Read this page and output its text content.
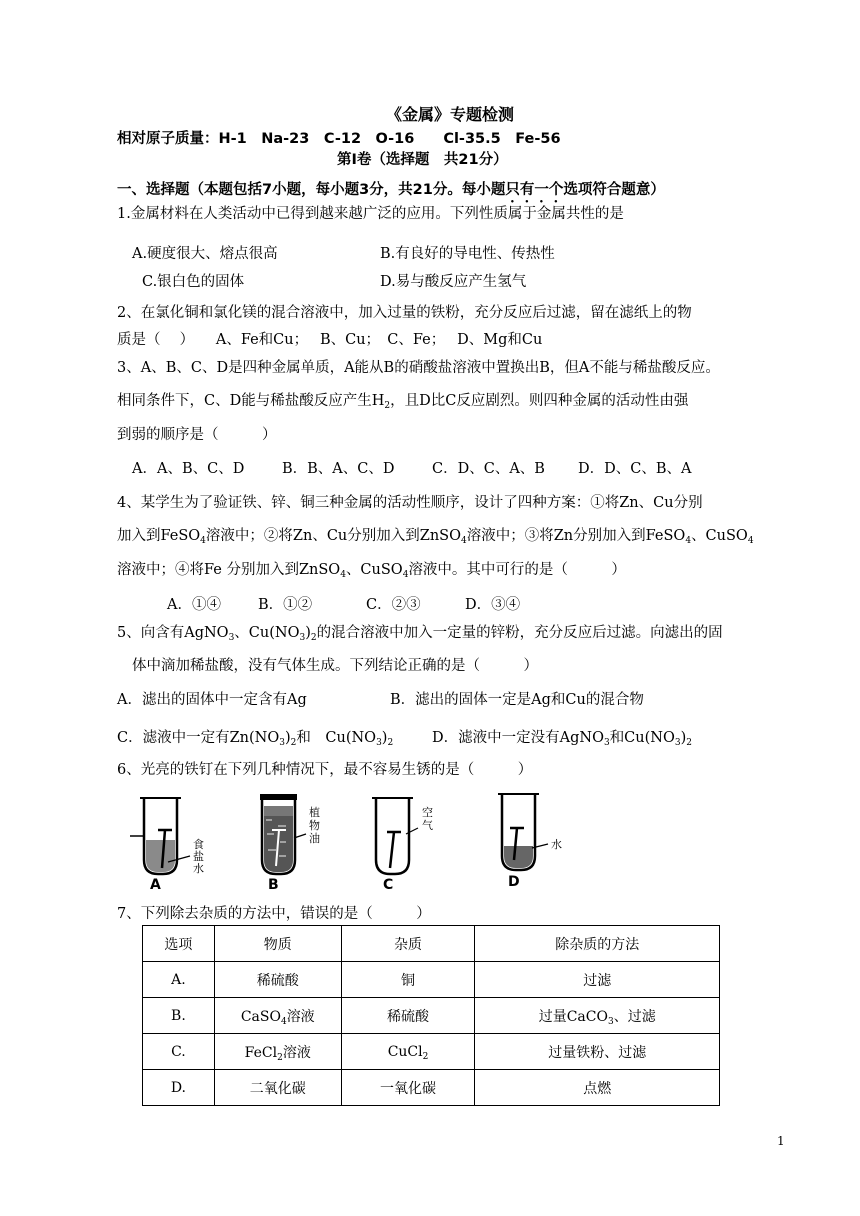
《金属》专题检测
相对原子质量：H-1　Na-23　C-12　O-16　　Cl-35.5　Fe-56
第Ⅰ卷（选择题　共21分）
一、选择题（本题包括7小题，每小题3分，共21分。每小题只有一个选项符合题意）
1.金属材料在人类活动中已得到越来越广泛的应用。下列性质属于金属共性的是
A.硬度很大、熔点很高	B.有良好的导电性、传热性
C.银白色的固体	D.易与酸反应产生氢气
2、在氯化铜和氯化镁的混合溶液中，加入过量的铁粉，充分反应后过滤，留在滤纸上的物
质是（　 ）　　A、Fe和Cu；　 B、Cu；　C、Fe；　 D、Mg和Cu
3、A、B、C、D是四种金属单质，A能从B的硝酸盐溶液中置换出B，但A不能与稀盐酸反应。
相同条件下，C、D能与稀盐酸反应产生$H_2$，且D比C反应剧烈。则四种金属的活动性由强
到弱的顺序是（　　　）
A．A、B、C、D	B．B、A、C、D	C．D、C、A、B D．D、C、B、A
4、某学生为了验证铁、锌、铜三种金属的活动性顺序，设计了四种方案：①将Zn、Cu分别
加入到FeSO$_4$溶液中；②将Zn、Cu分别加入到ZnSO$_4$溶液中；③将Zn分别加入到FeSO$_4$、CuSO$_4$
溶液中；④将Fe 分别加入到ZnSO$_4$、CuSO$_4$溶液中。其中可行的是（　　　）
A．①④	B．①②	C．②③	D．③④
5、向含有AgNO$_3$、$Cu(NO_3)_2$的混合溶液中加入一定量的锌粉，充分反应后过滤。向滤出的固
体中滴加稀盐酸，没有气体生成。下列结论正确的是（　　　）
A．滤出的固体中一定含有Ag	B．滤出的固体一定是Ag和Cu的混合物
C．滤液中一定有$Zn(NO_3)_2$和　$Cu(NO_3)_2$	D．滤液中一定没有AgNO$_3$和$Cu(NO_3)_2$
6、光亮的铁钉在下列几种情况下，最不容易生锈的是（　　　）
食
盐
水
A
植
物
油
B
空
气
C
水
D
7、下列除去杂质的方法中，错误的是（　　　）
选项	物质	杂质	除杂质的方法
A.	稀硫酸	铜	过滤
B.	CaSO$_4$溶液	稀硫酸	过量CaCO$_3$、过滤
C.	FeCl$_2$溶液	CuCl$_2$	过量铁粉、过滤
D.	二氧化碳	一氧化碳	点燃
1
